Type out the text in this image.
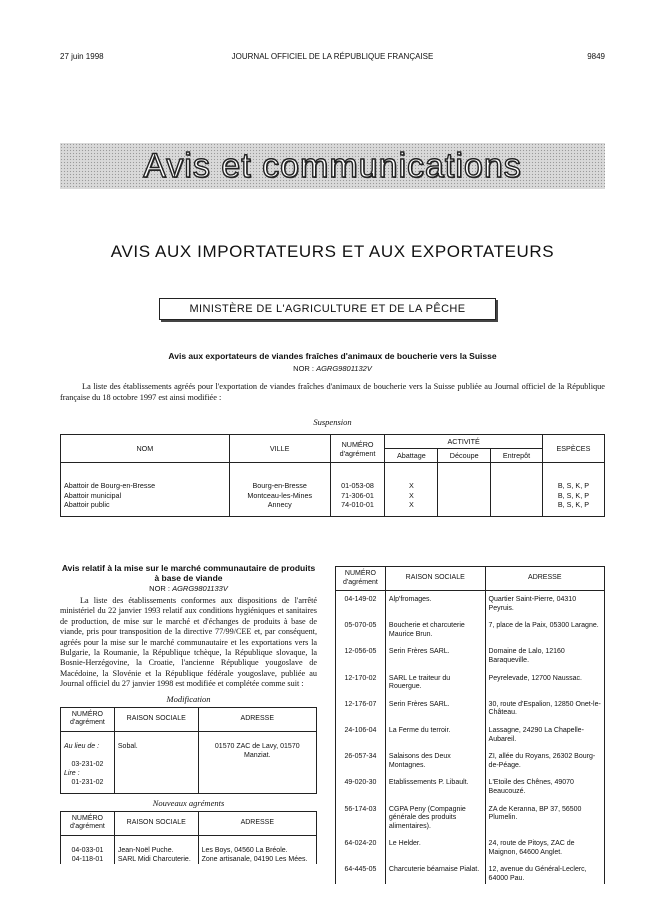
27 juin 1998	JOURNAL OFFICIEL DE LA RÉPUBLIQUE FRANÇAISE	9849
Avis et communications
AVIS AUX IMPORTATEURS ET AUX EXPORTATEURS
MINISTÈRE DE L'AGRICULTURE ET DE LA PÊCHE
Avis aux exportateurs de viandes fraîches d'animaux de boucherie vers la Suisse
NOR : AGRG9801132V

La liste des établissements agréés pour l'exportation de viandes fraîches d'animaux de boucherie vers la Suisse publiée au Journal officiel de la République française du 18 octobre 1997 est ainsi modifiée :

Suspension
NOM	VILLE	NUMÉRO d'agrément	ACTIVITÉ			ESPÈCES
			Abattage	Découpe	Entrepôt	
Abattoir de Bourg-en-Bresse	Bourg-en-Bresse	01-053-08	X			B, S, K, P
Abattoir municipal	Montceau-les-Mines	71-306-01	X			B, S, K, P
Abattoir public	Annecy	74-010-01	X			B, S, K, P
Avis relatif à la mise sur le marché communautaire de produits à base de viande
NOR : AGRG9801133V

La liste des établissements conformes aux dispositions de l'arrêté ministériel du 22 janvier 1993 relatif aux conditions hygiéniques et sanitaires de production, de mise sur le marché et d'échanges de produits à base de viande, pris pour transposition de la directive 77/99/CEE et, par conséquent, agréés pour la mise sur le marché communautaire et les exportations vers la Bulgarie, la Roumanie, la République tchèque, la République slovaque, la Bosnie-Herzégovine, la Croatie, l'ancienne République yougoslave de Macédoine, la Slovénie et la République fédérale yougoslave, publiée au Journal officiel du 27 janvier 1998 est modifiée et complétée comme suit :

Modification
NUMÉRO d'agrément	RAISON SOCIALE	ADRESSE
Au lieu de :	Sobal.	01570 ZAC de Lavy, 01570 Manziat.
03-231-02		
Lire :		
01-231-02		
Nouveaux agréments
NUMÉRO d'agrément	RAISON SOCIALE	ADRESSE
04-033-01	Jean-Noël Puche.	Les Boys, 04560 La Bréole.
04-118-01	SARL Midi Charcuterie.	Zone artisanale, 04190 Les Mées.
NUMÉRO d'agrément	RAISON SOCIALE	ADRESSE
04-149-02	Alp'fromages.	Quartier Saint-Pierre, 04310 Peyruis.
05-070-05	Boucherie et charcuterie Maurice Brun.	7, place de la Paix, 05300 Laragne.
12-056-05	Serin Frères SARL.	Domaine de Lalo, 12160 Baraqueville.
12-170-02	SARL Le traiteur du Rouergue.	Peyrelevade, 12700 Naussac.
12-176-07	Serin Frères SARL.	30, route d'Espalion, 12850 Onet-le-Château.
24-106-04	La Ferme du terroir.	Lassagne, 24290 La Chapelle-Aubareil.
26-057-34	Salaisons des Deux Montagnes.	ZI, allée du Royans, 26302 Bourg-de-Péage.
49-020-30	Etablissements P. Libault.	L'Etoile des Chênes, 49070 Beaucouzé.
56-174-03	CGPA Peny (Compagnie générale des produits alimentaires).	ZA de Keranna, BP 37, 56500 Plumelin.
64-024-20	Le Helder.	24, route de Pitoys, ZAC de Maignon, 64600 Anglet.
64-445-05	Charcuterie béarnaise Pialat.	12, avenue du Général-Leclerc, 64000 Pau.
